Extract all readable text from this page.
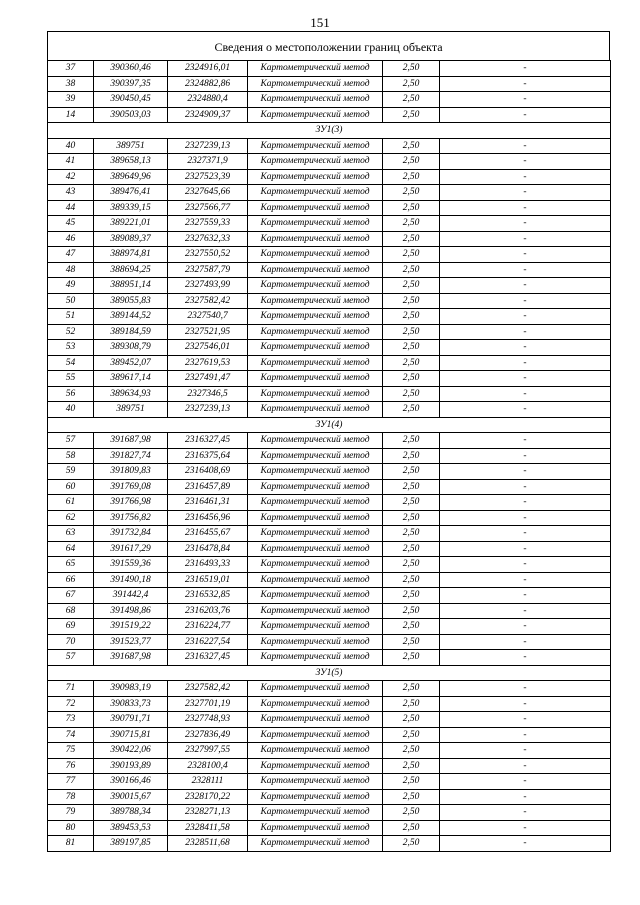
151
Сведения о местоположении границ объекта
37	390360,46	2324916,01	Картометрический метод	2,50	-
38	390397,35	2324882,86	Картометрический метод	2,50	-
39	390450,45	2324880,4	Картометрический метод	2,50	-
14	390503,03	2324909,37	Картометрический метод	2,50	-
ЗУ1(3)					
40	389751	2327239,13	Картометрический метод	2,50	-
41	389658,13	2327371,9	Картометрический метод	2,50	-
42	389649,96	2327523,39	Картометрический метод	2,50	-
43	389476,41	2327645,66	Картометрический метод	2,50	-
44	389339,15	2327566,77	Картометрический метод	2,50	-
45	389221,01	2327559,33	Картометрический метод	2,50	-
46	389089,37	2327632,33	Картометрический метод	2,50	-
47	388974,81	2327550,52	Картометрический метод	2,50	-
48	388694,25	2327587,79	Картометрический метод	2,50	-
49	388951,14	2327493,99	Картометрический метод	2,50	-
50	389055,83	2327582,42	Картометрический метод	2,50	-
51	389144,52	2327540,7	Картометрический метод	2,50	-
52	389184,59	2327521,95	Картометрический метод	2,50	-
53	389308,79	2327546,01	Картометрический метод	2,50	-
54	389452,07	2327619,53	Картометрический метод	2,50	-
55	389617,14	2327491,47	Картометрический метод	2,50	-
56	389634,93	2327346,5	Картометрический метод	2,50	-
40	389751	2327239,13	Картометрический метод	2,50	-
ЗУ1(4)					
57	391687,98	2316327,45	Картометрический метод	2,50	-
58	391827,74	2316375,64	Картометрический метод	2,50	-
59	391809,83	2316408,69	Картометрический метод	2,50	-
60	391769,08	2316457,89	Картометрический метод	2,50	-
61	391766,98	2316461,31	Картометрический метод	2,50	-
62	391756,82	2316456,96	Картометрический метод	2,50	-
63	391732,84	2316455,67	Картометрический метод	2,50	-
64	391617,29	2316478,84	Картометрический метод	2,50	-
65	391559,36	2316493,33	Картометрический метод	2,50	-
66	391490,18	2316519,01	Картометрический метод	2,50	-
67	391442,4	2316532,85	Картометрический метод	2,50	-
68	391498,86	2316203,76	Картометрический метод	2,50	-
69	391519,22	2316224,77	Картометрический метод	2,50	-
70	391523,77	2316227,54	Картометрический метод	2,50	-
57	391687,98	2316327,45	Картометрический метод	2,50	-
ЗУ1(5)					
71	390983,19	2327582,42	Картометрический метод	2,50	-
72	390833,73	2327701,19	Картометрический метод	2,50	-
73	390791,71	2327748,93	Картометрический метод	2,50	-
74	390715,81	2327836,49	Картометрический метод	2,50	-
75	390422,06	2327997,55	Картометрический метод	2,50	-
76	390193,89	2328100,4	Картометрический метод	2,50	-
77	390166,46	2328111	Картометрический метод	2,50	-
78	390015,67	2328170,22	Картометрический метод	2,50	-
79	389788,34	2328271,13	Картометрический метод	2,50	-
80	389453,53	2328411,58	Картометрический метод	2,50	-
81	389197,85	2328511,68	Картометрический метод	2,50	-
